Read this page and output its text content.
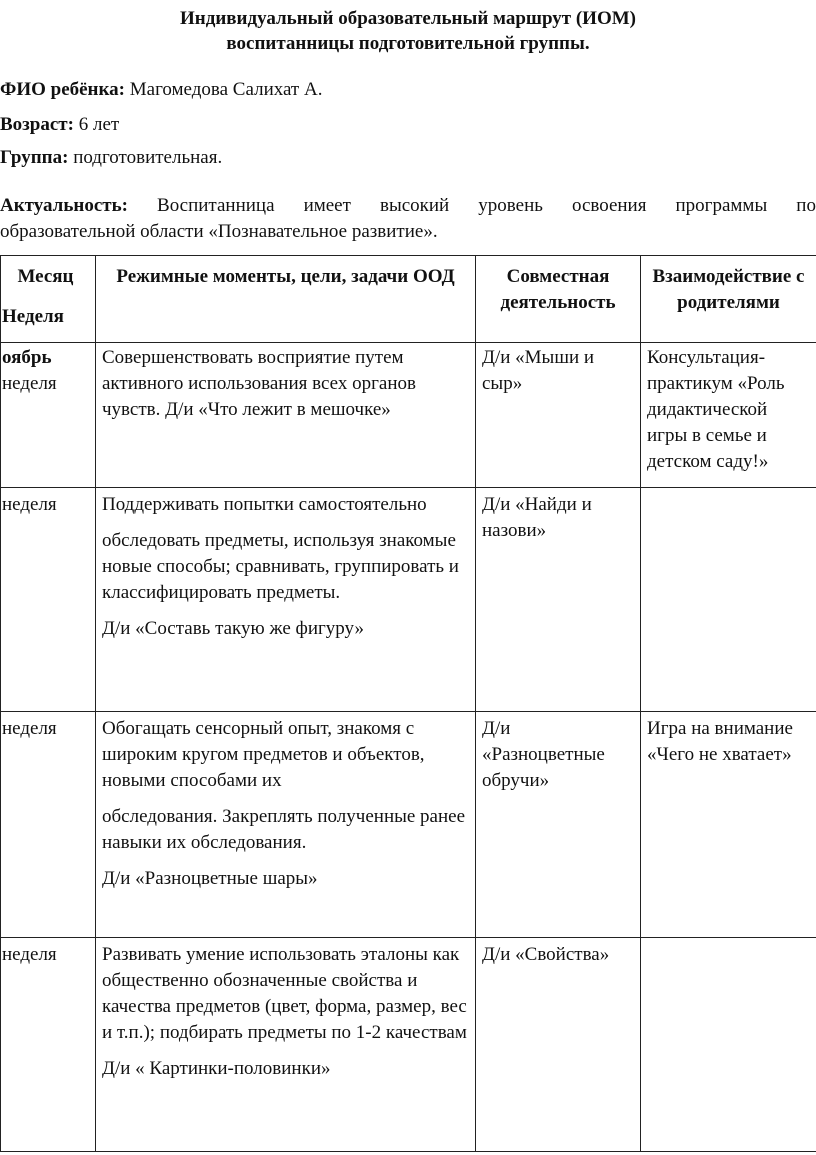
Индивидуальный образовательный маршрут (ИОМ)
воспитанницы подготовительной группы.
ФИО ребёнка: Магомедова Салихат А.
Возраст: 6 лет
Группа: подготовительная.
Актуальность: Воспитанница имеет высокий уровень освоения программы по
образовательной области «Познавательное развитие».
Месяц
Неделя	Режимные моменты, цели, задачи ООД	Совместная деятельность	Взаимодействие с родителями

оябрь
неделя	Совершенствовать восприятие путем активного использования всех органов чувств. Д/и «Что лежит в мешочке»	Д/и «Мыши и сыр»	Консультация-практикум «Роль дидактической игры в семье и детском саду!»

неделя	Поддерживать попытки самостоятельно

обследовать предметы, используя знакомые новые способы; сравнивать, группировать и классифицировать предметы.

Д/и «Составь такую же фигуру»	Д/и «Найди и назови»	

неделя	Обогащать сенсорный опыт, знакомя с широким кругом предметов и объектов, новыми способами их

обследования. Закреплять полученные ранее навыки их обследования.

Д/и «Разноцветные шары»	Д/и «Разноцветные обручи»	Игра на внимание «Чего не хватает»

неделя	Развивать умение использовать эталоны как общественно обозначенные свойства и качества предметов (цвет, форма, размер, вес и т.п.); подбирать предметы по 1-2 качествам

Д/и « Картинки-половинки»	Д/и «Свойства»	
